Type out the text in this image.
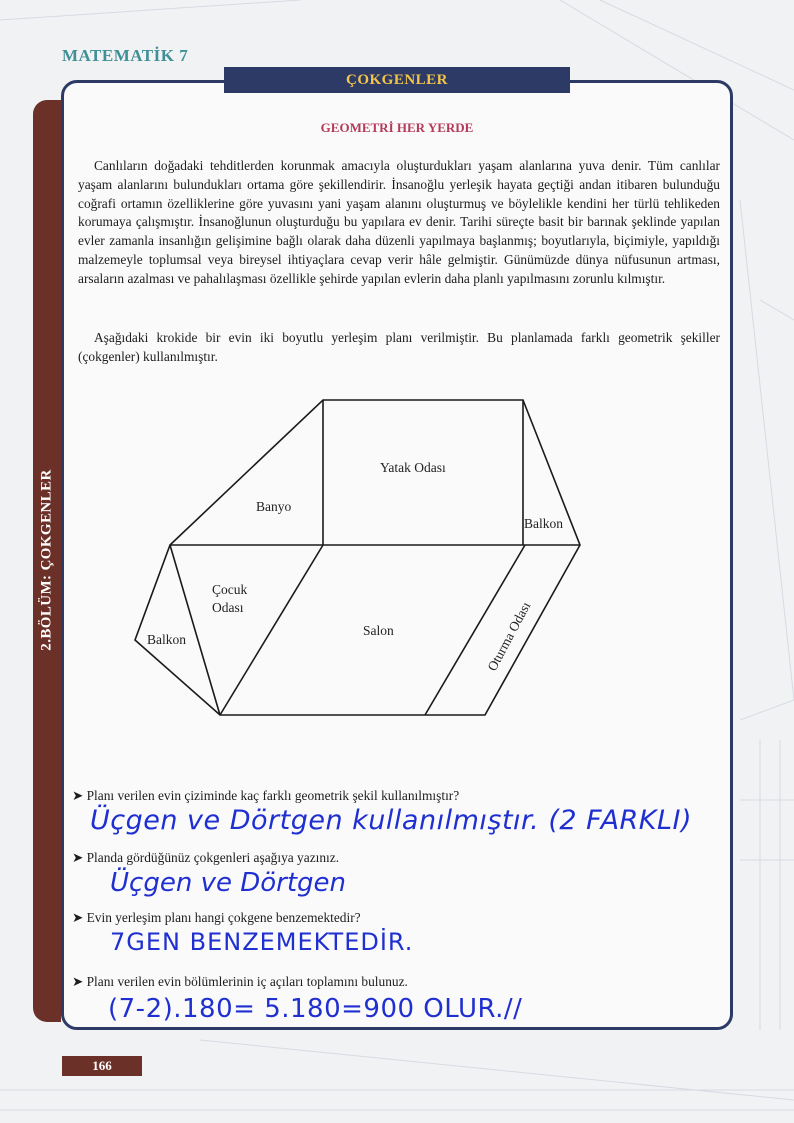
MATEMATİK 7
2.BÖLÜM: ÇOKGENLER
ÇOKGENLER
GEOMETRİ HER YERDE

Canlıların doğadaki tehditlerden korunmak amacıyla oluşturdukları yaşam alanlarına yuva denir. Tüm canlılar yaşam alanlarını bulundukları ortama göre şekillendirir. İnsanoğlu yerleşik hayata geçtiği andan itibaren bulunduğu coğrafi ortamın özelliklerine göre yuvasını yani yaşam alanını oluşturmuş ve böylelikle kendini her türlü tehlikeden korumaya çalışmıştır. İnsanoğlunun oluşturduğu bu yapılara ev denir. Tarihi süreçte basit bir barınak şeklinde yapılan evler zamanla insanlığın gelişimine bağlı olarak daha düzenli yapılmaya başlanmış; boyutlarıyla, biçimiyle, yapıldığı malzemeyle toplumsal veya bireysel ihtiyaçlara cevap verir hâle gelmiştir. Günümüzde dünya nüfusunun artması, arsaların azalması ve pahalılaşması özellikle şehirde yapılan evlerin daha planlı yapılmasını zorunlu kılmıştır.

Aşağıdaki krokide bir evin iki boyutlu yerleşim planı verilmiştir. Bu planlamada farklı geometrik şekiller (çokgenler) kullanılmıştır.

Yatak Odası
Banyo
Balkon
Çocuk
Odası
Balkon
Salon	Oturma Odası
➤ Planı verilen evin çiziminde kaç farklı geometrik şekil kullanılmıştır?
Üçgen ve Dörtgen kullanılmıştır. (2 FARKLI)
➤ Planda gördüğünüz çokgenleri aşağıya yazınız.
Üçgen ve Dörtgen
➤ Evin yerleşim planı hangi çokgene benzemektedir?
7GEN BENZEMEKTEDİR.
➤ Planı verilen evin bölümlerinin iç açıları toplamını bulunuz.
(7-2).180= 5.180=900 OLUR.//
166
